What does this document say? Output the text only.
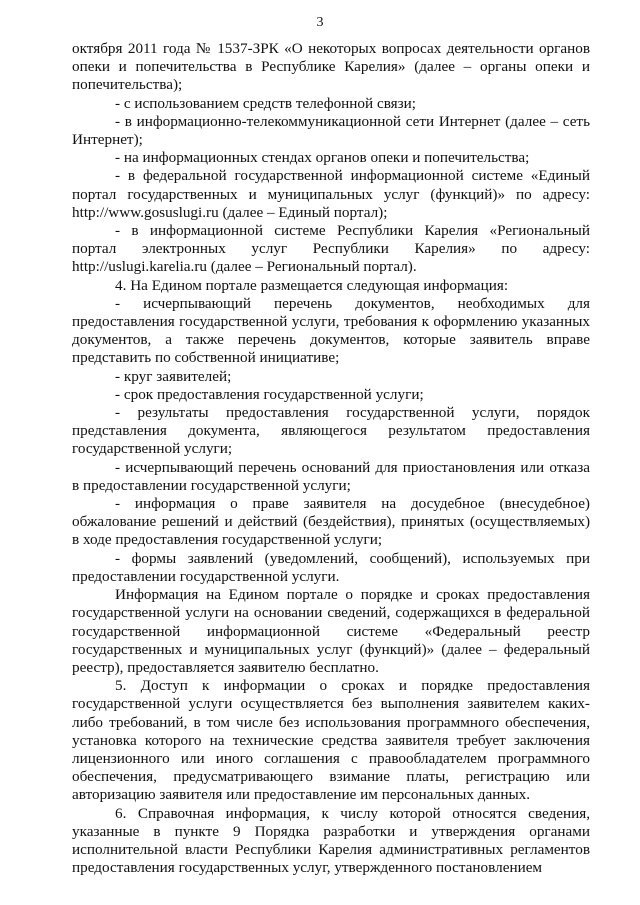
3

октября 2011 года № 1537-ЗРК «О некоторых вопросах деятельности органов опеки и попечительства в Республике Карелия» (далее – органы опеки и попечительства);

- с использованием средств телефонной связи;

- в информационно-телекоммуникационной сети Интернет (далее – сеть Интернет);

- на информационных стендах органов опеки и попечительства;

- в федеральной государственной информационной системе «Единый портал государственных и муниципальных услуг (функций)» по адресу: http://www.gosuslugi.ru (далее – Единый портал);

- в информационной системе Республики Карелия «Региональный портал электронных услуг Республики Карелия» по адресу: http://uslugi.karelia.ru (далее – Региональный портал).

4. На Едином портале размещается следующая информация:

- исчерпывающий перечень документов, необходимых для предоставления государственной услуги, требования к оформлению указанных документов, а также перечень документов, которые заявитель вправе представить по собственной инициативе;

- круг заявителей;

- срок предоставления государственной услуги;

- результаты предоставления государственной услуги, порядок представления документа, являющегося результатом предоставления государственной услуги;

- исчерпывающий перечень оснований для приостановления или отказа в предоставлении государственной услуги;

- информация о праве заявителя на досудебное (внесудебное) обжалование решений и действий (бездействия), принятых (осуществляемых) в ходе предоставления государственной услуги;

- формы заявлений (уведомлений, сообщений), используемых при предоставлении государственной услуги.

Информация на Едином портале о порядке и сроках предоставления государственной услуги на основании сведений, содержащихся в федеральной государственной информационной системе «Федеральный реестр государственных и муниципальных услуг (функций)» (далее – федеральный реестр), предоставляется заявителю бесплатно.

5. Доступ к информации о сроках и порядке предоставления государственной услуги осуществляется без выполнения заявителем каких-либо требований, в том числе без использования программного обеспечения, установка которого на технические средства заявителя требует заключения лицензионного или иного соглашения с правообладателем программного обеспечения, предусматривающего взимание платы, регистрацию или авторизацию заявителя или предоставление им персональных данных.

6. Справочная информация, к числу которой относятся сведения, указанные в пункте 9 Порядка разработки и утверждения органами исполнительной власти Республики Карелия административных регламентов предоставления государственных услуг, утвержденного постановлением
